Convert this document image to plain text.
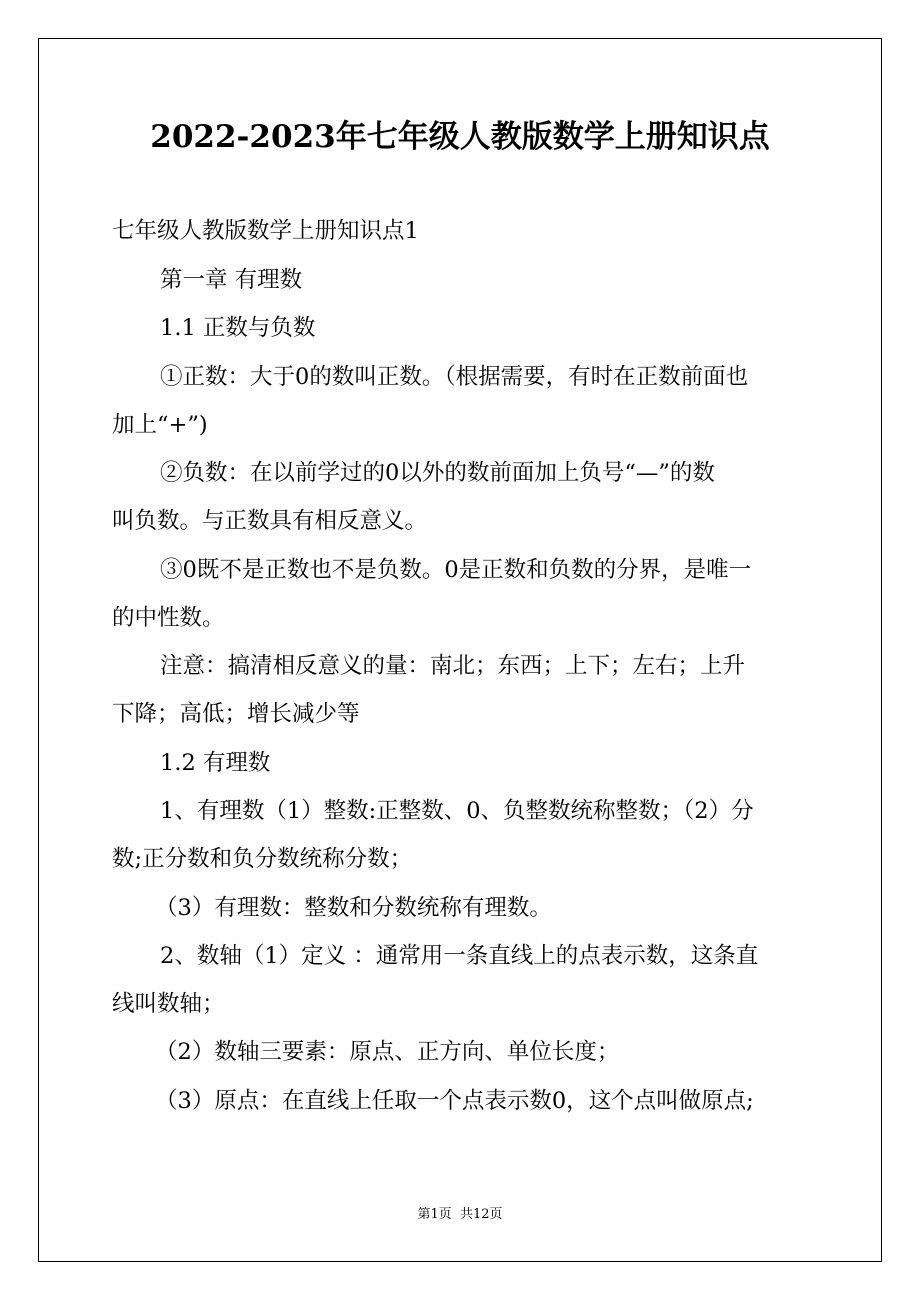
2022-2023年七年级人教版数学上册知识点
七年级人教版数学上册知识点1
第一章 有理数
1.1 正数与负数
①正数：大于0的数叫正数。（根据需要，有时在正数前面也
加上“+”)
②负数：在以前学过的0以外的数前面加上负号“—”的数
叫负数。与正数具有相反意义。
③0既不是正数也不是负数。0是正数和负数的分界，是唯一
的中性数。
注意：搞清相反意义的量：南北；东西；上下；左右；上升
下降；高低；增长减少等
1.2 有理数
1、有理数（1）整数:正整数、0、负整数统称整数；（2）分
数;正分数和负分数统称分数；
（3）有理数：整数和分数统称有理数。
2、数轴（1）定义 ：通常用一条直线上的点表示数，这条直
线叫数轴；
（2）数轴三要素：原点、正方向、单位长度；
（3）原点：在直线上任取一个点表示数0，这个点叫做原点;
第1页 共12页
